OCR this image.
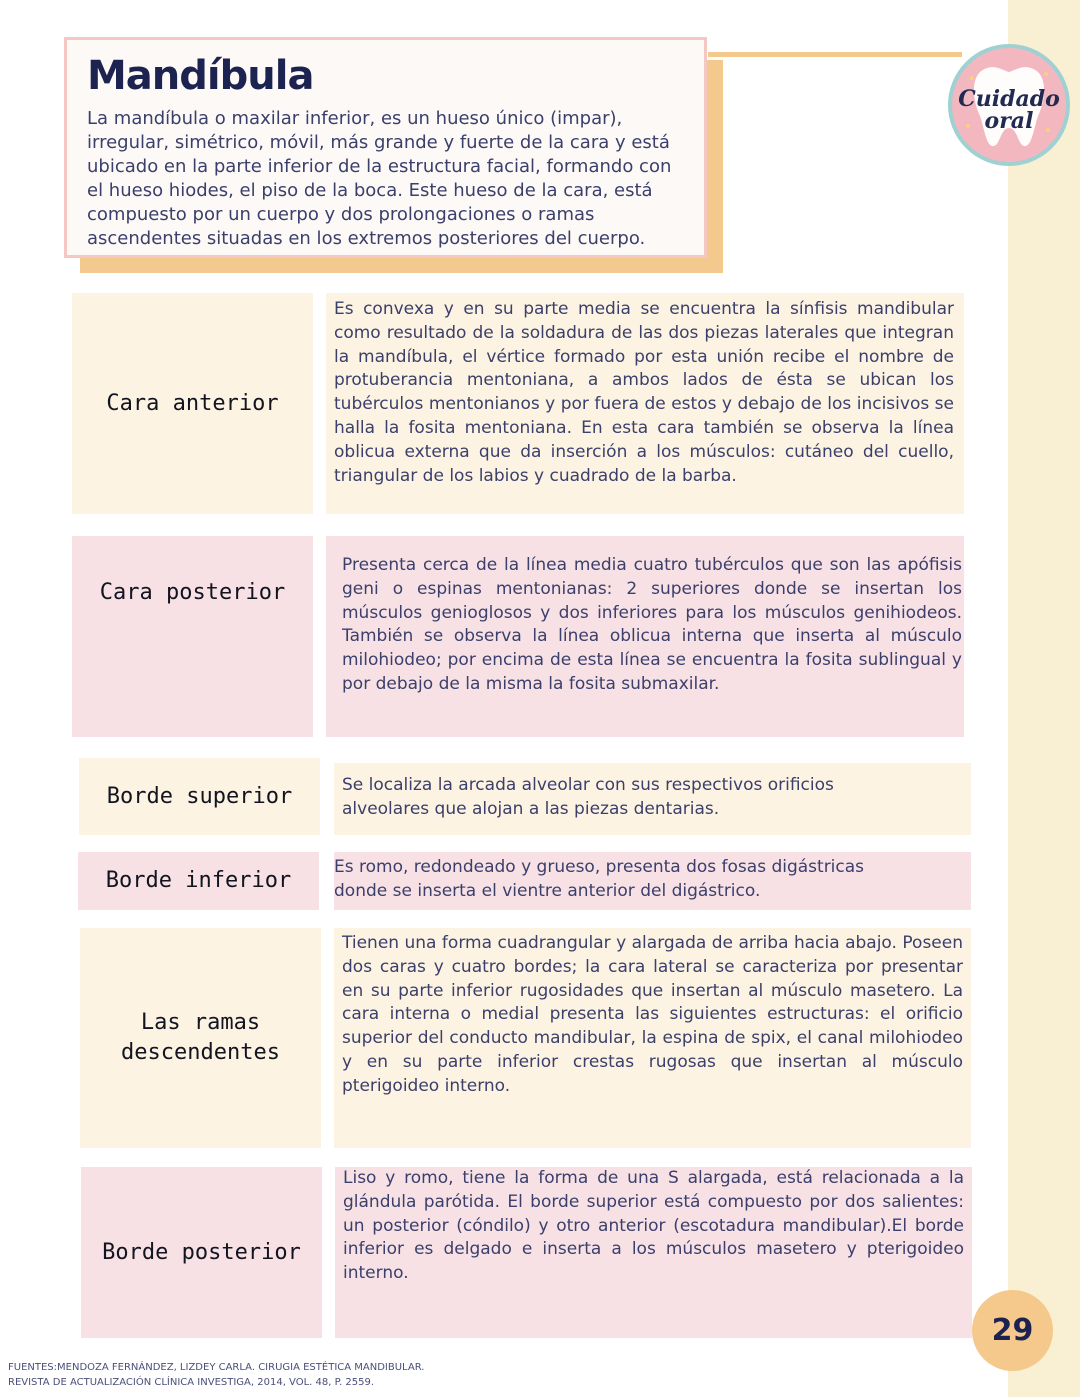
Cuidado
oral
Mandíbula

La mandíbula o maxilar inferior, es un hueso único (impar), irregular, simétrico, móvil, más grande y fuerte de la cara y está ubicado en la parte inferior de la estructura facial, formando con el hueso hiodes, el piso de la boca. Este hueso de la cara, está compuesto por un cuerpo y dos prolongaciones o ramas ascendentes situadas en los extremos posteriores del cuerpo.

Cara anterior
Es convexa y en su parte media se encuentra la sínfisis mandibular como resultado de la soldadura de las dos piezas laterales que integran la mandíbula, el vértice formado por esta unión recibe el nombre de protuberancia mentoniana, a ambos lados de ésta se ubican los tubérculos mentonianos y por fuera de estos y debajo de los incisivos se halla la fosita mentoniana. En esta cara también se observa la línea oblicua externa que da inserción a los músculos: cutáneo del cuello, triangular de los labios y cuadrado de la barba.
Cara posterior
Presenta cerca de la línea media cuatro tubérculos que son las apófisis geni o espinas mentonianas: 2 superiores donde se insertan los músculos genioglosos y dos inferiores para los músculos genihiodeos. También se observa la línea oblicua interna que inserta al músculo milohiodeo; por encima de esta línea se encuentra la fosita sublingual y por debajo de la misma la fosita submaxilar.
Borde superior	Se localiza la arcada alveolar con sus respectivos orificios alveolares que alojan a las piezas dentarias.
Borde inferior
Es romo, redondeado y grueso, presenta dos fosas digástricas donde se inserta el vientre anterior del digástrico.
Las ramas descendentes
Tienen una forma cuadrangular y alargada de arriba hacia abajo. Poseen dos caras y cuatro bordes; la cara lateral se caracteriza por presentar en su parte inferior rugosidades que insertan al músculo masetero. La cara interna o medial presenta las siguientes estructuras: el orificio superior del conducto mandibular, la espina de spix, el canal milohiodeo y en su parte inferior crestas rugosas que insertan al músculo pterigoideo interno.
Borde posterior
Liso y romo, tiene la forma de una S alargada, está relacionada a la glándula parótida. El borde superior está compuesto por dos salientes: un posterior (cóndilo) y otro anterior (escotadura mandibular).El borde inferior es delgado e inserta a los músculos masetero y pterigoideo interno.
29

FUENTES:MENDOZA FERNÁNDEZ, LIZDEY CARLA. CIRUGIA ESTÉTICA MANDIBULAR.

REVISTA DE ACTUALIZACIÓN CLÍNICA INVESTIGA, 2014, VOL. 48, P. 2559.
